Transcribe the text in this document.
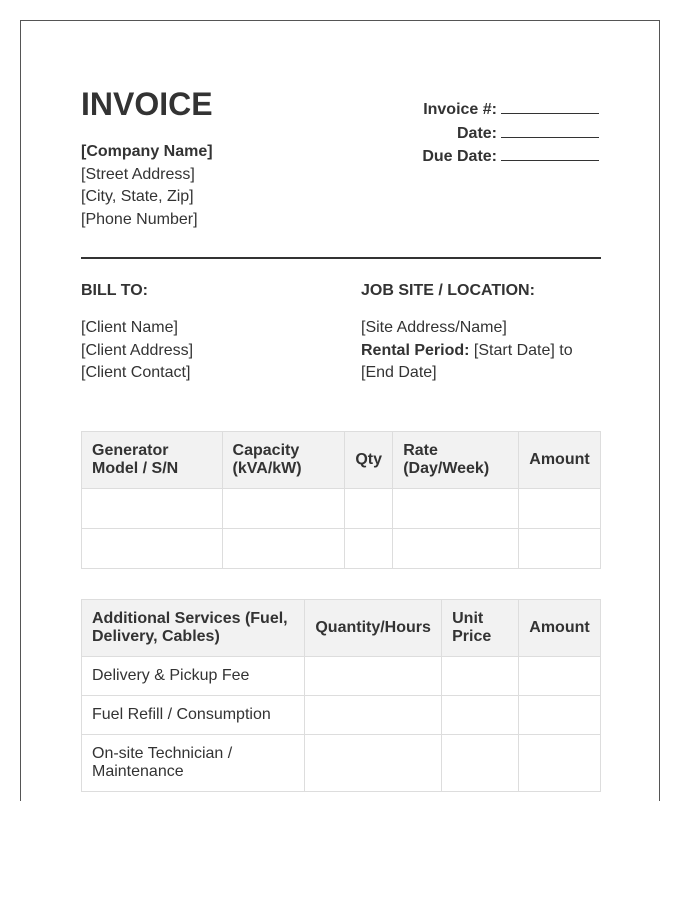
INVOICE	Invoice #:
Date:
Due Date:
[Company Name]
[Street Address]
[City, State, Zip]
[Phone Number]
BILL TO:	JOB SITE / LOCATION:
[Client Name]
[Client Address]
[Client Contact]
[Site Address/Name]
Rental Period: [Start Date] to [End Date]
Generator Model / S/N	Capacity (kVA/kW)	Qty	Rate (Day/Week)	Amount

Additional Services (Fuel, Delivery, Cables)	Quantity/Hours	Unit Price	Amount
Delivery & Pickup Fee			
Fuel Refill / Consumption			
On-site Technician / Maintenance			
